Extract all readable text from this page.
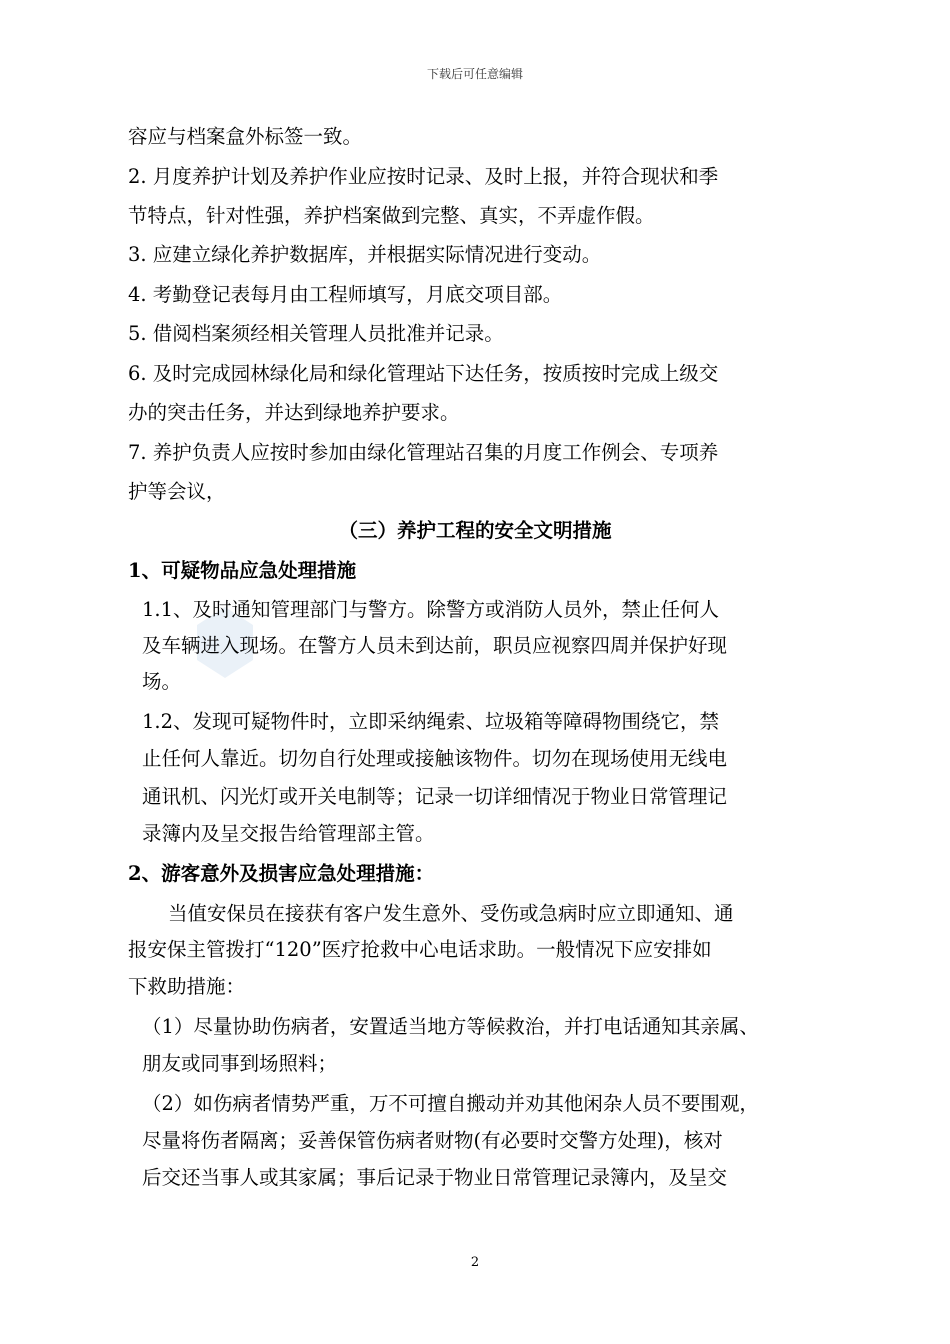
下载后可任意编辑
容应与档案盒外标签一致。
2. 月度养护计划及养护作业应按时记录、及时上报，并符合现状和季
节特点，针对性强，养护档案做到完整、真实，不弄虚作假。
3. 应建立绿化养护数据库，并根据实际情况进行变动。
4. 考勤登记表每月由工程师填写，月底交项目部。
5. 借阅档案须经相关管理人员批准并记录。
6. 及时完成园林绿化局和绿化管理站下达任务，按质按时完成上级交
办的突击任务，并达到绿地养护要求。
7. 养护负责人应按时参加由绿化管理站召集的月度工作例会、专项养
护等会议，
（三）养护工程的安全文明措施
1、可疑物品应急处理措施
1.1、及时通知管理部门与警方。除警方或消防人员外，禁止任何人
及车辆进入现场。在警方人员未到达前，职员应视察四周并保护好现
场。
1.2、发现可疑物件时，立即采纳绳索、垃圾箱等障碍物围绕它，禁
止任何人靠近。切勿自行处理或接触该物件。切勿在现场使用无线电
通讯机、闪光灯或开关电制等；记录一切详细情况于物业日常管理记
录簿内及呈交报告给管理部主管。
2、游客意外及损害应急处理措施：
当值安保员在接获有客户发生意外、受伤或急病时应立即通知、通
报安保主管拨打“120”医疗抢救中心电话求助。一般情况下应安排如
下救助措施：
（1）尽量协助伤病者，安置适当地方等候救治，并打电话通知其亲属、
朋友或同事到场照料；
（2）如伤病者情势严重，万不可擅自搬动并劝其他闲杂人员不要围观，
尽量将伤者隔离；妥善保管伤病者财物(有必要时交警方处理)，核对
后交还当事人或其家属；事后记录于物业日常管理记录簿内，及呈交
2
